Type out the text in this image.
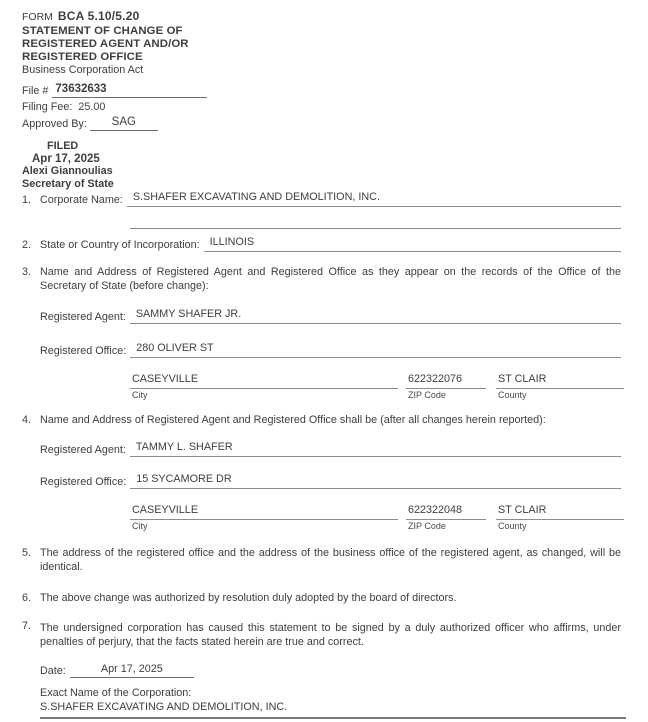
FORM BCA 5.10/5.20
STATEMENT OF CHANGE OF
REGISTERED AGENT AND/OR
REGISTERED OFFICE
Business Corporation Act
File # 73632633
Filing Fee: 25.00
Approved By:	SAG
FILED
Apr 17, 2025
Alexi Giannoulias
Secretary of State
1. Corporate Name: S.SHAFER EXCAVATING AND DEMOLITION, INC.
2. State or Country of Incorporation: ILLINOIS
3. Name and Address of Registered Agent and Registered Office as they appear on the records of the Office of the Secretary of State (before change):
Registered Agent: SAMMY SHAFER JR.
Registered Office: 280 OLIVER ST
CASEYVILLE
City
622322076
ZIP Code
ST CLAIR
County
4. Name and Address of Registered Agent and Registered Office shall be (after all changes herein reported):
Registered Agent: TAMMY L. SHAFER
Registered Office: 15 SYCAMORE DR
CASEYVILLE
City
622322048
ZIP Code
ST CLAIR
County
5. The address of the registered office and the address of the business office of the registered agent, as changed, will be identical.
6. The above change was authorized by resolution duly adopted by the board of directors.
7. The undersigned corporation has caused this statement to be signed by a duly authorized officer who affirms, under penalties of perjury, that the facts stated herein are true and correct.
Date:	Apr 17, 2025
Exact Name of the Corporation:
S.SHAFER EXCAVATING AND DEMOLITION, INC.
